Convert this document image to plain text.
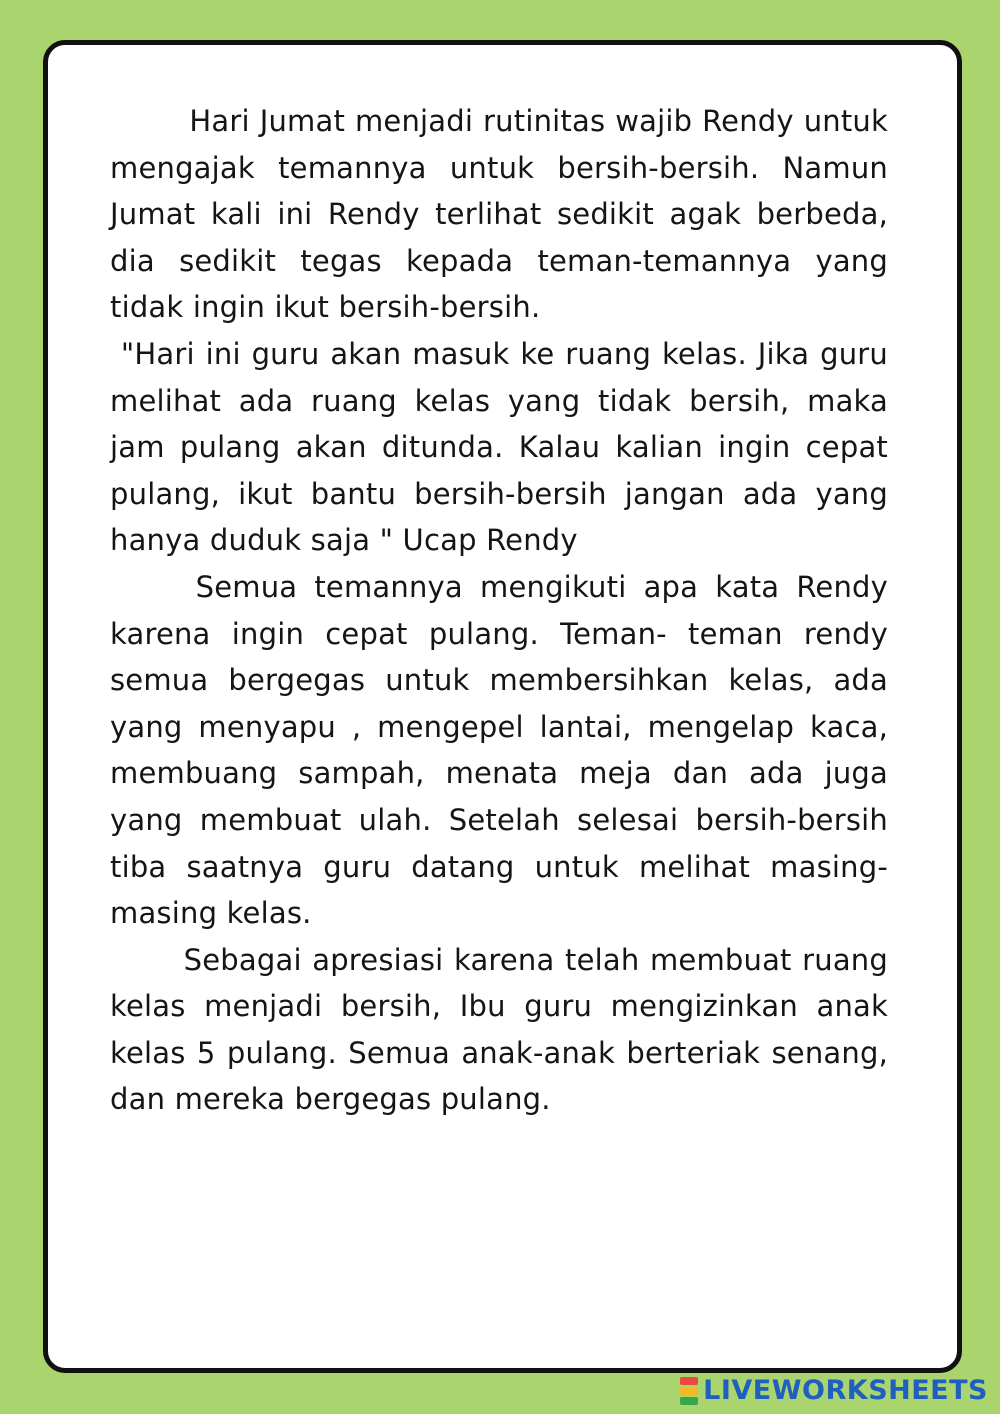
Hari Jumat menjadi rutinitas wajib Rendy untuk mengajak temannya untuk bersih-bersih. Namun Jumat kali ini Rendy terlihat sedikit agak berbeda, dia sedikit tegas kepada teman-temannya yang tidak ingin ikut bersih-bersih.

"Hari ini guru akan masuk ke ruang kelas. Jika guru melihat ada ruang kelas yang tidak bersih, maka jam pulang akan ditunda. Kalau kalian ingin cepat pulang, ikut bantu bersih-bersih jangan ada yang hanya duduk saja " Ucap Rendy

Semua temannya mengikuti apa kata Rendy karena ingin cepat pulang. Teman- teman rendy semua bergegas untuk membersihkan kelas, ada yang menyapu , mengepel lantai, mengelap kaca, membuang sampah, menata meja dan ada juga yang membuat ulah. Setelah selesai bersih-bersih tiba saatnya guru datang untuk melihat masing-masing kelas.

Sebagai apresiasi karena telah membuat ruang kelas menjadi bersih, Ibu guru mengizinkan anak kelas 5 pulang. Semua anak-anak berteriak senang, dan mereka bergegas pulang.

LIVEWORKSHEETS
